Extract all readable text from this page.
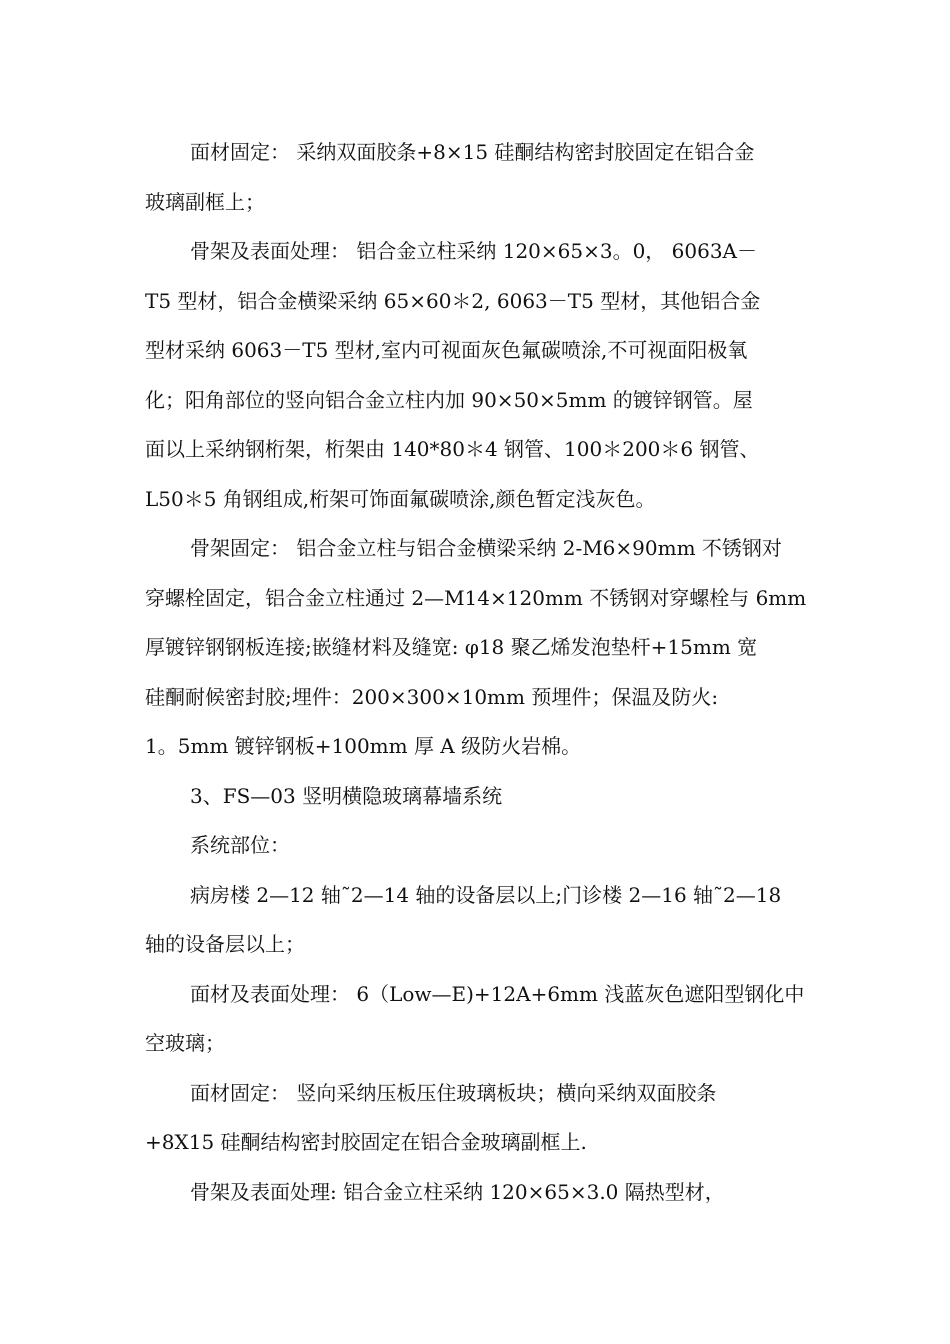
面材固定： 采纳双面胶条+8×15 硅酮结构密封胶固定在铝合金
玻璃副框上；
骨架及表面处理： 铝合金立柱采纳 120×65×3。0， 6063A－
T5 型材，铝合金横梁采纳 65×60＊2, 6063－T5 型材，其他铝合金
型材采纳 6063－T5 型材,室内可视面灰色氟碳喷涂,不可视面阳极氧
化；阳角部位的竖向铝合金立柱内加 90×50×5mm 的镀锌钢管。屋
面以上采纳钢桁架，桁架由 140*80＊4 钢管、100＊200＊6 钢管、
L50＊5 角钢组成,桁架可饰面氟碳喷涂,颜色暂定浅灰色。
骨架固定： 铝合金立柱与铝合金横梁采纳 2-M6×90mm 不锈钢对
穿螺栓固定，铝合金立柱通过 2—M14×120mm 不锈钢对穿螺栓与 6mm
厚镀锌钢钢板连接;嵌缝材料及缝宽: φ18 聚乙烯发泡垫杆+15mm 宽
硅酮耐候密封胶;埋件：200×300×10mm 预埋件；保温及防火:
1。5mm 镀锌钢板+100mm 厚 A 级防火岩棉。
3、FS—03 竖明横隐玻璃幕墙系统
系统部位：
病房楼 2—12 轴˜2—14 轴的设备层以上;门诊楼 2—16 轴˜2—18
轴的设备层以上；
面材及表面处理： 6（Low—E)+12A+6mm 浅蓝灰色遮阳型钢化中
空玻璃；
面材固定： 竖向采纳压板压住玻璃板块；横向采纳双面胶条
+8X15 硅酮结构密封胶固定在铝合金玻璃副框上.
骨架及表面处理: 铝合金立柱采纳 120×65×3.0 隔热型材，
